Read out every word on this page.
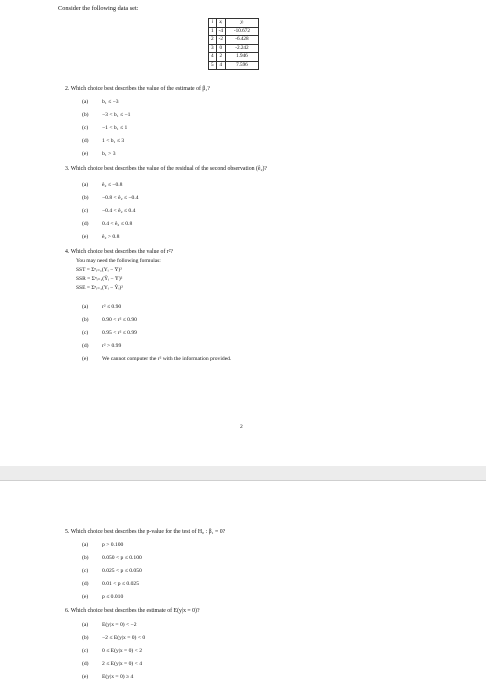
Consider the following data set:
i	xᵢ	yᵢ
1	-4	-10.672
2	-2	-6.428
3	0	-2.242
4	2	1.946
5	4	7.596
2. Which choice best describes the value of the estimate of β₁?
(a) b₁ ≤ −3
(b) −3 < b₁ ≤ −1
(c) −1 < b₁ ≤ 1
(d) 1 < b₁ ≤ 3
(e) b₁ > 3
3. Which choice best describes the value of the residual of the second observation (ê₂)?
(a) ê₂ ≤ −0.8
(b) −0.8 < ê₂ ≤ −0.4
(c) −0.4 < ê₂ ≤ 0.4
(d) 0.4 < ê₂ ≤ 0.8
(e) ê₂ > 0.8
4. Which choice best describes the value of r²?
You may need the following formulas:
SST = Σⁿᵢ₌₁(Yᵢ − Ȳ)²
SSR = Σⁿᵢ₌₁(Ŷᵢ − Ȳ)²
SSE = Σⁿᵢ₌₁(Yᵢ − Ŷᵢ)²
(a) r² ≤ 0.90
(b) 0.90 < r² ≤ 0.90
(c) 0.95 < r² ≤ 0.99
(d) r² > 0.99
(e) We cannot computer the r² with the information provided.
2
5. Which choice best describes the p-value for the test of H₀ : β₁ = 0?
(a) p > 0.100
(b) 0.050 < p ≤ 0.100
(c) 0.025 < p ≤ 0.050
(d) 0.01 < p ≤ 0.025
(e) p ≤ 0.010
6. Which choice best describes the estimate of E(y|x = 0)?
(a) E(y|x = 0) < −2
(b) −2 ≤ E(y|x = 0) < 0
(c) 0 ≤ E(y|x = 0) < 2
(d) 2 ≤ E(y|x = 0) < 4
(e) E(y|x = 0) ≥ 4
